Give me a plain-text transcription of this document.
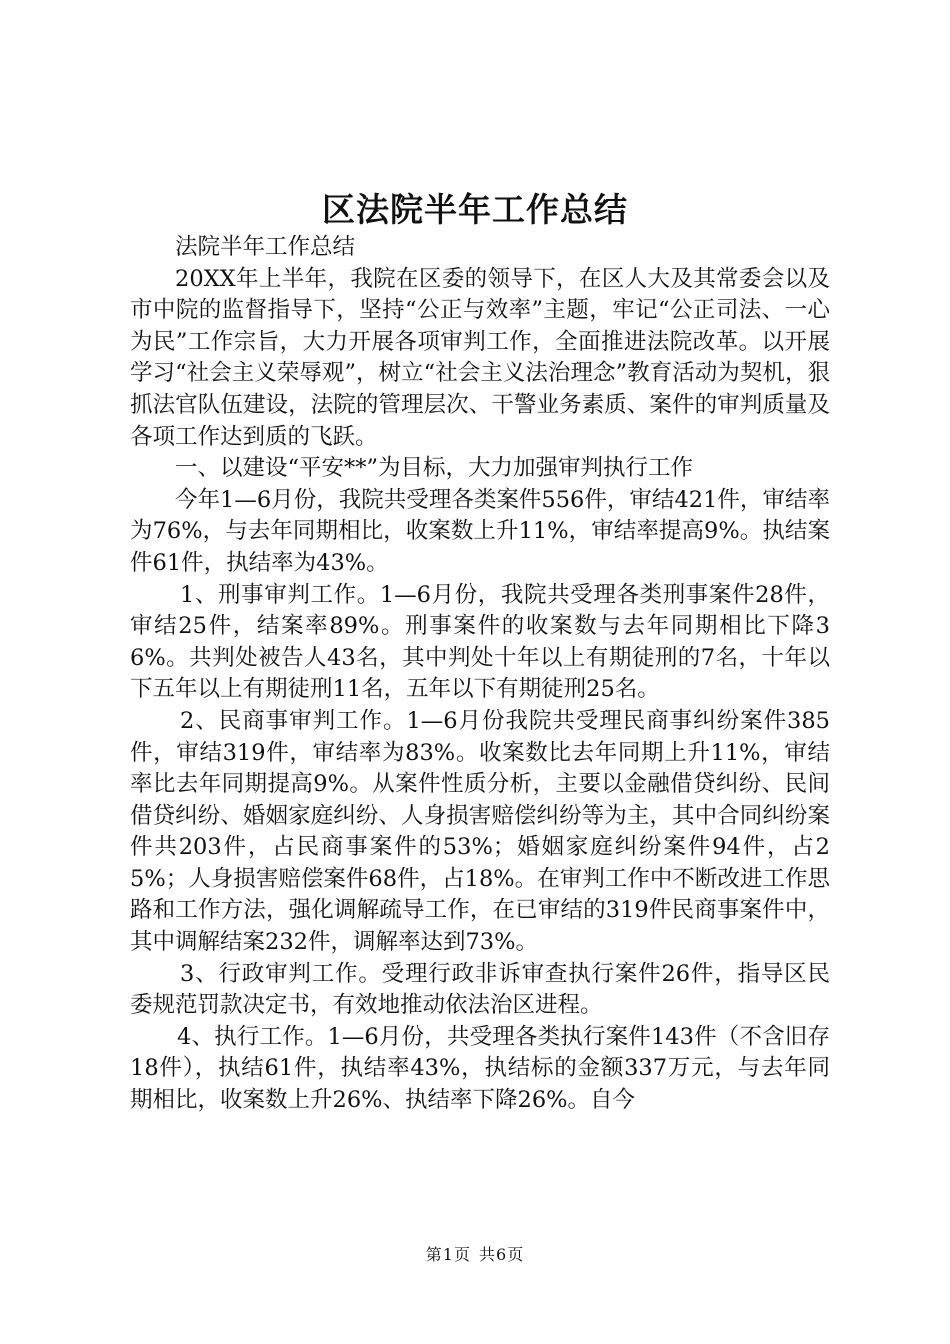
区法院半年工作总结

法院半年工作总结

20XX年上半年，我院在区委的领导下，在区人大及其常委会以及市中院的监督指导下，坚持“公正与效率”主题，牢记“公正司法、一心为民”工作宗旨，大力开展各项审判工作，全面推进法院改革。以开展学习“社会主义荣辱观”，树立“社会主义法治理念”教育活动为契机，狠抓法官队伍建设，法院的管理层次、干警业务素质、案件的审判质量及各项工作达到质的飞跃。

一、以建设“平安**”为目标，大力加强审判执行工作

今年1—6月份，我院共受理各类案件556件，审结421件，审结率为76%，与去年同期相比，收案数上升11%，审结率提高9%。执结案件61件，执结率为43%。

1、刑事审判工作。1—6月份，我院共受理各类刑事案件28件，审结25件，结案率89%。刑事案件的收案数与去年同期相比下降36%。共判处被告人43名，其中判处十年以上有期徒刑的7名，十年以下五年以上有期徒刑11名，五年以下有期徒刑25名。

2、民商事审判工作。1—6月份我院共受理民商事纠纷案件385件，审结319件，审结率为83%。收案数比去年同期上升11%，审结率比去年同期提高9%。从案件性质分析，主要以金融借贷纠纷、民间借贷纠纷、婚姻家庭纠纷、人身损害赔偿纠纷等为主，其中合同纠纷案件共203件，占民商事案件的53%；婚姻家庭纠纷案件94件，占25%；人身损害赔偿案件68件，占18%。在审判工作中不断改进工作思路和工作方法，强化调解疏导工作，在已审结的319件民商事案件中，其中调解结案232件，调解率达到73%。

3、行政审判工作。受理行政非诉审查执行案件26件，指导区民委规范罚款决定书，有效地推动依法治区进程。

4、执行工作。1—6月份，共受理各类执行案件143件（不含旧存18件），执结61件，执结率43%，执结标的金额337万元，与去年同期相比，收案数上升26%、执结率下降26%。自今

第1页 共6页
